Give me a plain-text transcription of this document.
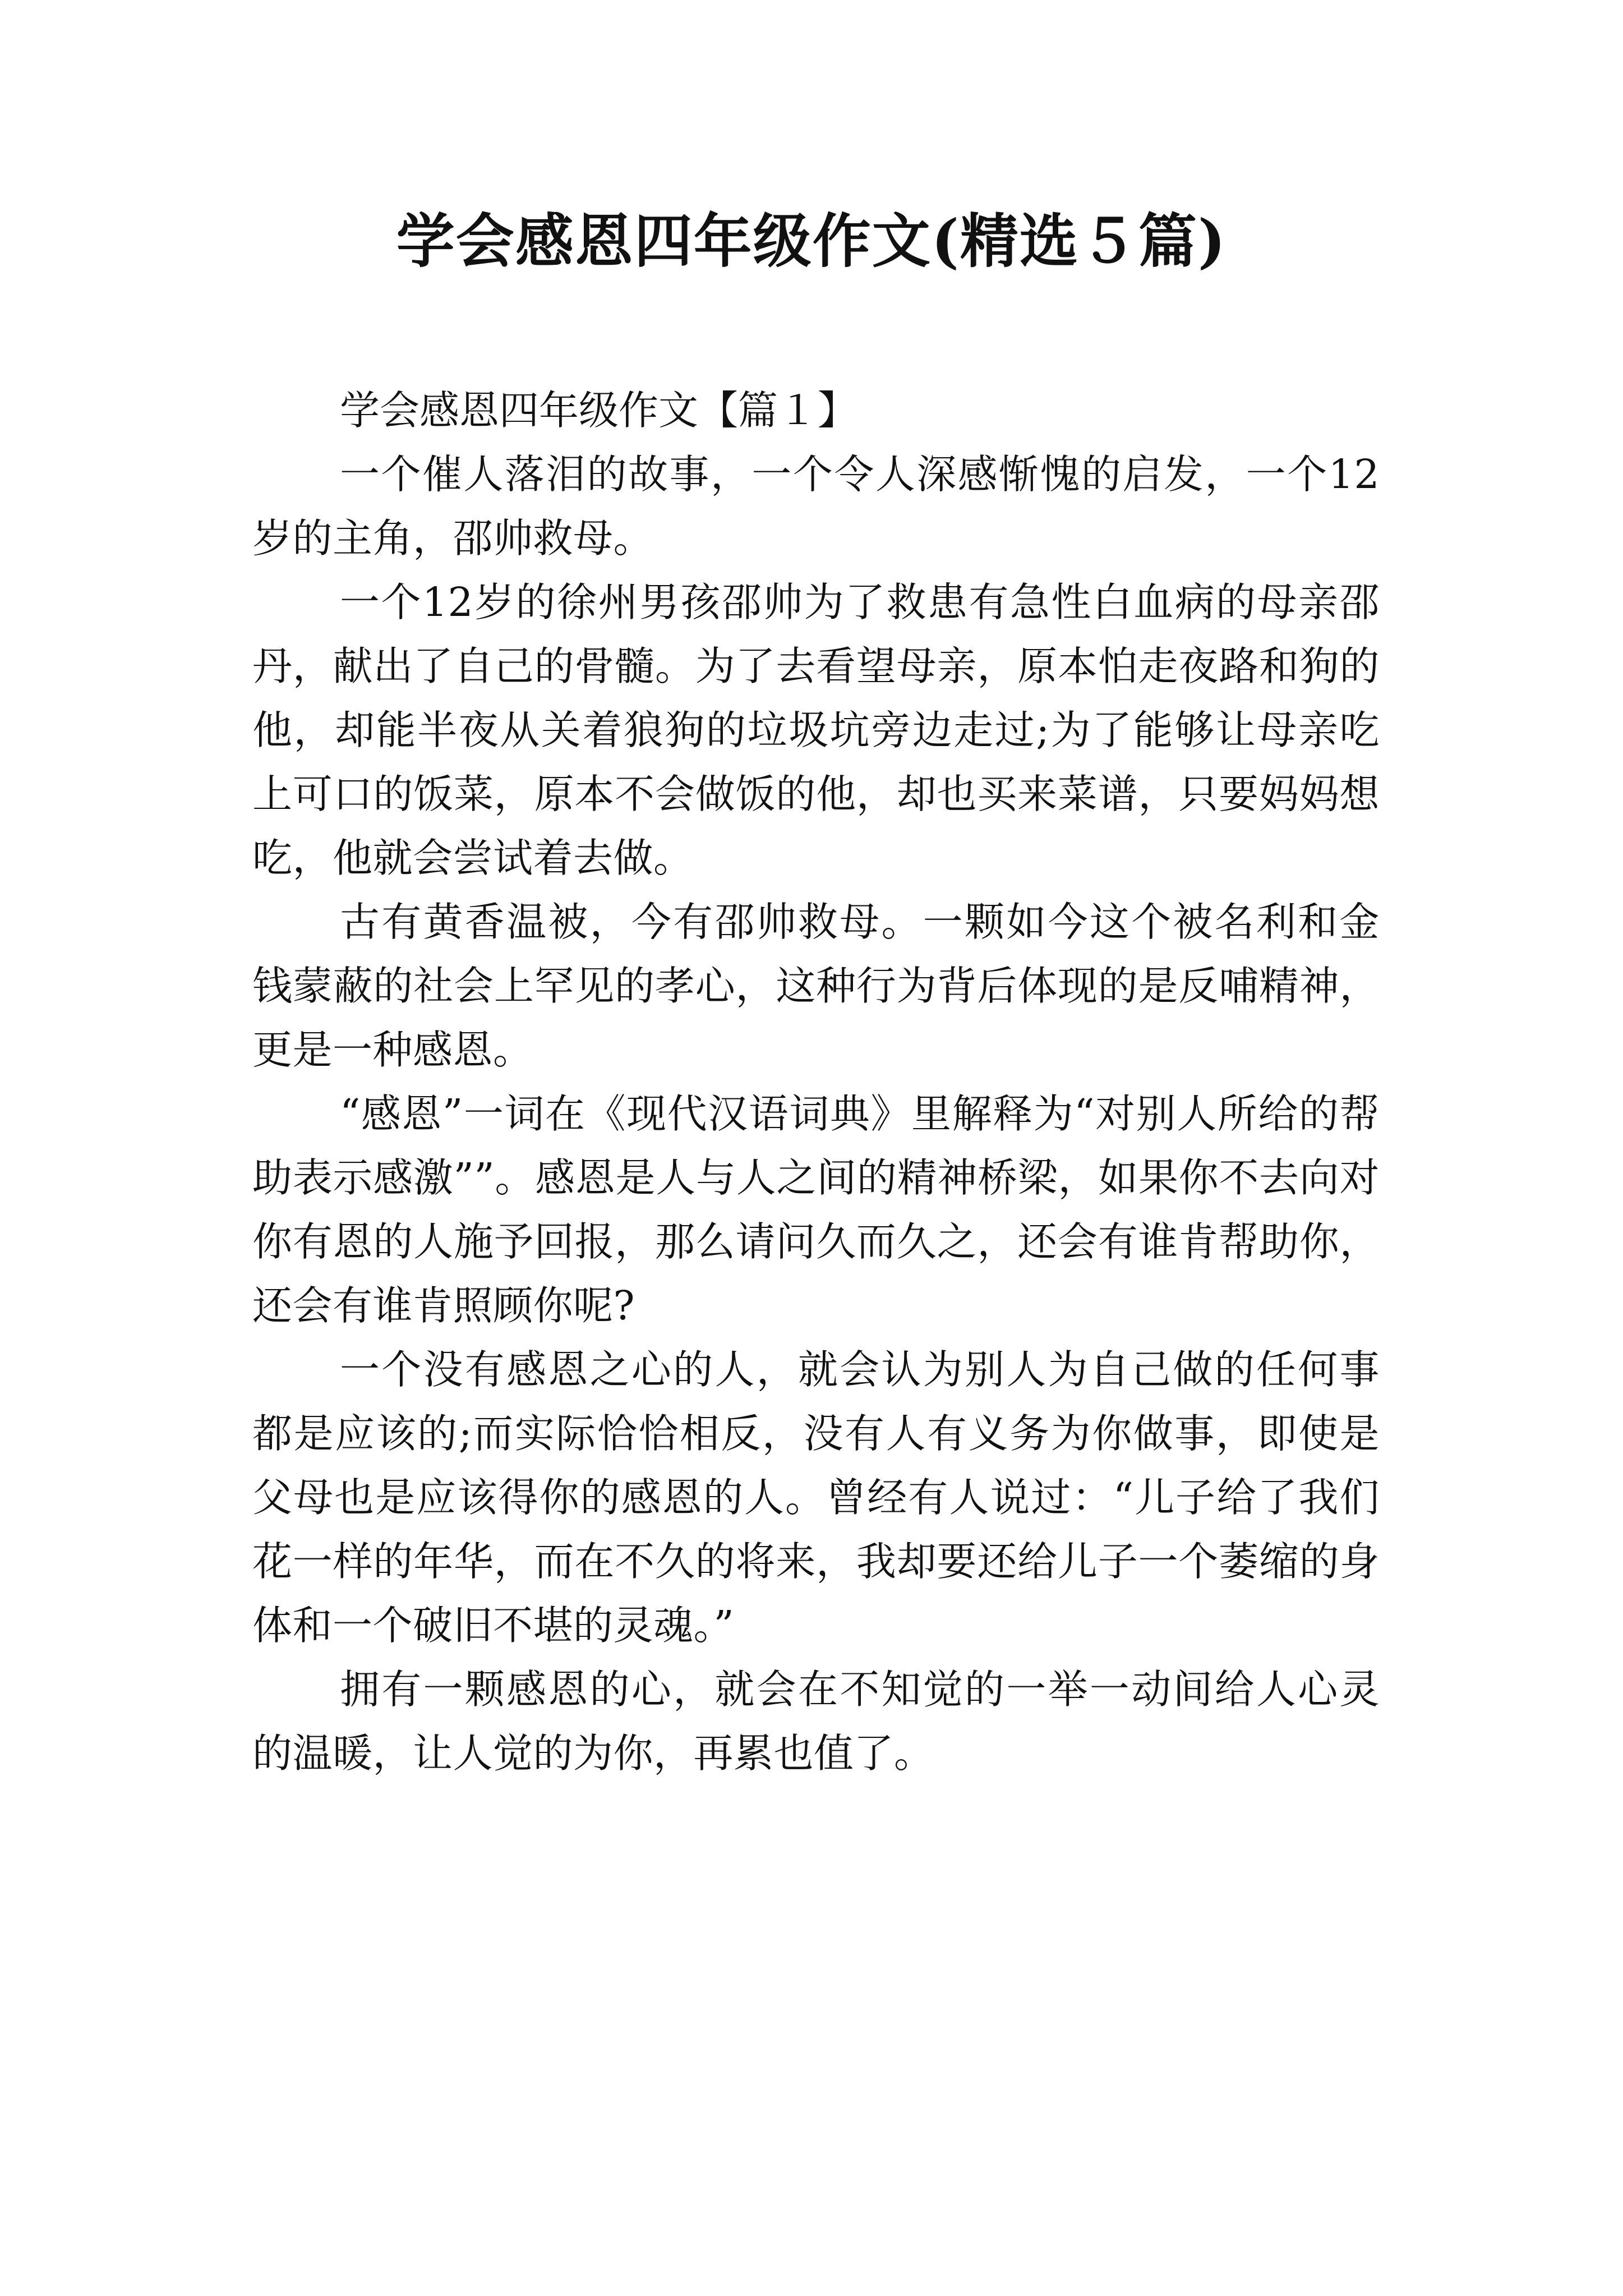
学会感恩四年级作文(精选５篇)

学会感恩四年级作文【篇１】

一个催人落泪的故事，一个令人深感惭愧的启发，一个12岁的主角，邵帅救母。

一个12岁的徐州男孩邵帅为了救患有急性白血病的母亲邵丹，献出了自己的骨髓。为了去看望母亲，原本怕走夜路和狗的他，却能半夜从关着狼狗的垃圾坑旁边走过;为了能够让母亲吃上可口的饭菜，原本不会做饭的他，却也买来菜谱，只要妈妈想吃，他就会尝试着去做。

古有黄香温被，今有邵帅救母。一颗如今这个被名利和金钱蒙蔽的社会上罕见的孝心，这种行为背后体现的是反哺精神，更是一种感恩。

“感恩”一词在《现代汉语词典》里解释为“对别人所给的帮助表示感激””。感恩是人与人之间的精神桥梁，如果你不去向对你有恩的人施予回报，那么请问久而久之，还会有谁肯帮助你，还会有谁肯照顾你呢?

一个没有感恩之心的人，就会认为别人为自己做的任何事都是应该的;而实际恰恰相反，没有人有义务为你做事，即使是父母也是应该得你的感恩的人。曾经有人说过：“儿子给了我们花一样的年华，而在不久的将来，我却要还给儿子一个萎缩的身体和一个破旧不堪的灵魂。”

拥有一颗感恩的心，就会在不知觉的一举一动间给人心灵的温暖，让人觉的为你，再累也值了。
